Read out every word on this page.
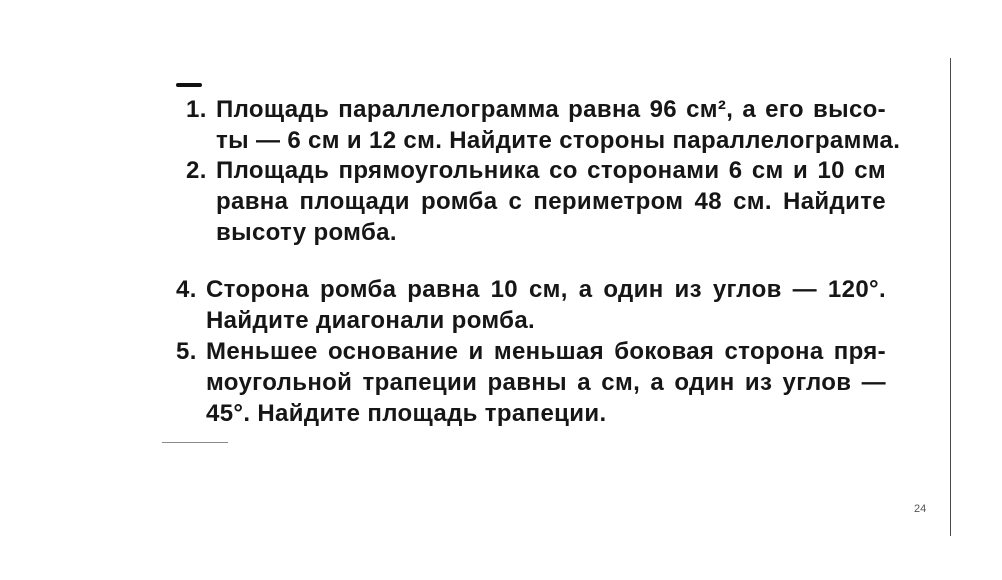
1. Площадь параллелограмма равна 96 см², а его высо-
ты — 6 см и 12 см. Найдите стороны параллелограмма.
2. Площадь прямоугольника со сторонами 6 см и 10 см
равна площади ромба с периметром 48 см. Найдите
высоту ромба.
4. Сторона ромба равна 10 см, а один из углов — 120°.
Найдите диагонали ромба.
5. Меньшее основание и меньшая боковая сторона пря-
моугольной трапеции равны a см, а один из углов —
45°. Найдите площадь трапеции.
24
